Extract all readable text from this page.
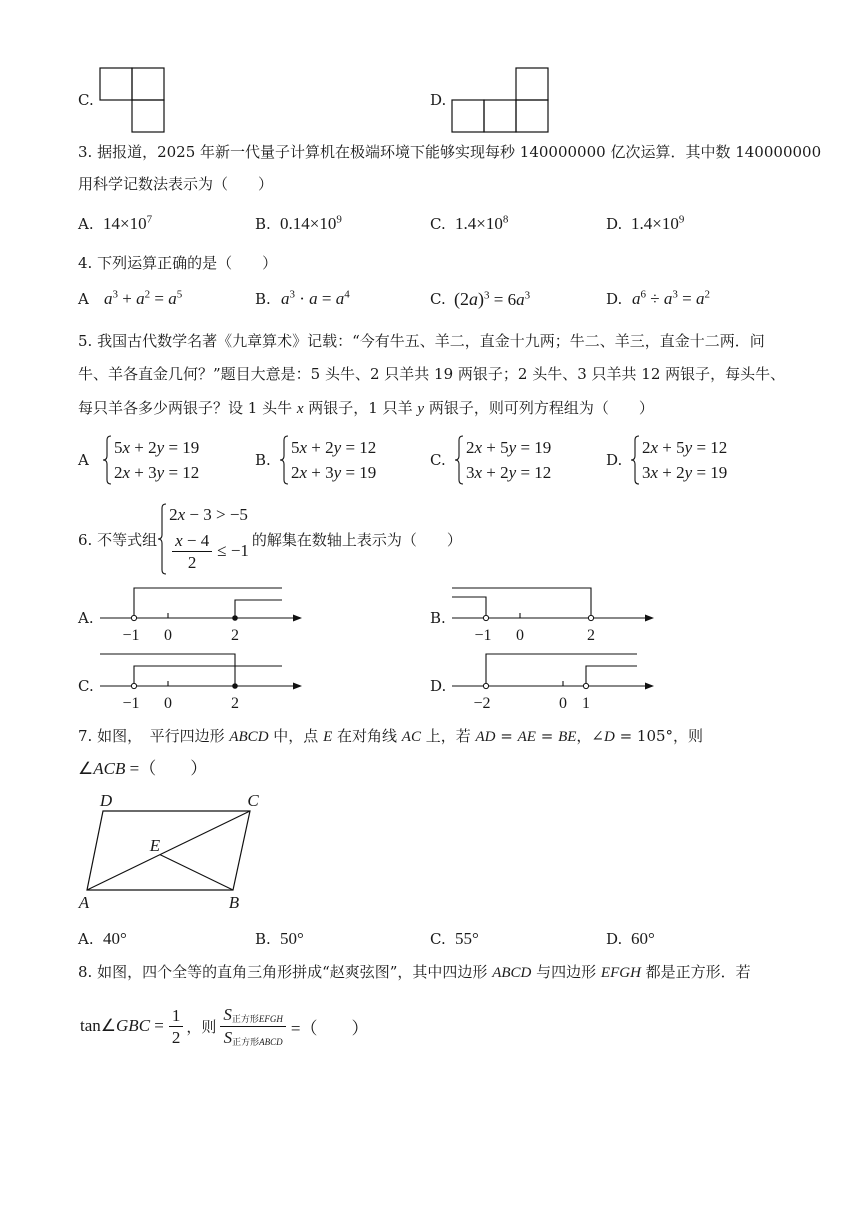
C.	D.
3. 据报道，2025 年新一代量子计算机在极端环境下能够实现每秒 140000000 亿次运算．其中数 140000000
用科学记数法表示为（　　）
A. $14\times 10^7$	B. $0.14\times 10^9$	C. $1.4\times 10^8$	D. $1.4\times 10^9$
4. 下列运算正确的是（　　）
A $a^3 + a^2 = a^5$	B. $a^3 \cdot a = a^4$	C. $(2a)^3 = 6a^3$	D. $a^6 \div a^3 = a^2$
5. 我国古代数学名著《九章算术》记载：“今有牛五、羊二，直金十九两；牛二、羊三，直金十二两．问
牛、羊各直金几何？”题目大意是：5 头牛、2 只羊共 19 两银子；2 头牛、3 只羊共 12 两银子，每头牛、
每只羊各多少两银子？设 1 头牛 x 两银子，1 只羊 y 两银子，则可列方程组为（　　）
A
5x + 2y = 19
2x + 3y = 12
B.
5x + 2y = 12
2x + 3y = 19
C.
2x + 5y = 19
3x + 2y = 12
D.
2x + 5y = 12
3x + 2y = 19
6. 不等式组
2x − 3 > −5
$\frac{x - 4}{2} \le -1$
的解集在数轴上表示为（　　）
A.
−1 0	2
B.
−1 0	2
C.
−1 0	2
D.
−2	0 1
7. 如图，　平行四边形 ABCD 中，点 E 在对角线 AC 上，若 AD = AE = BE，∠D = 105°，则
∠ACB =（　　）
D	C
E
A	B
A. 40°	B. 50°	C. 55°	D. 60°
8. 如图，四个全等的直角三角形拼成“赵爽弦图”，其中四边形 ABCD 与四边形 EFGH 都是正方形．若
tan ∠GBC = $\frac{1}{2}$ ，则 $\frac{S_{正方形EFGH}}{S_{正方形ABCD}}$ =（　　）
